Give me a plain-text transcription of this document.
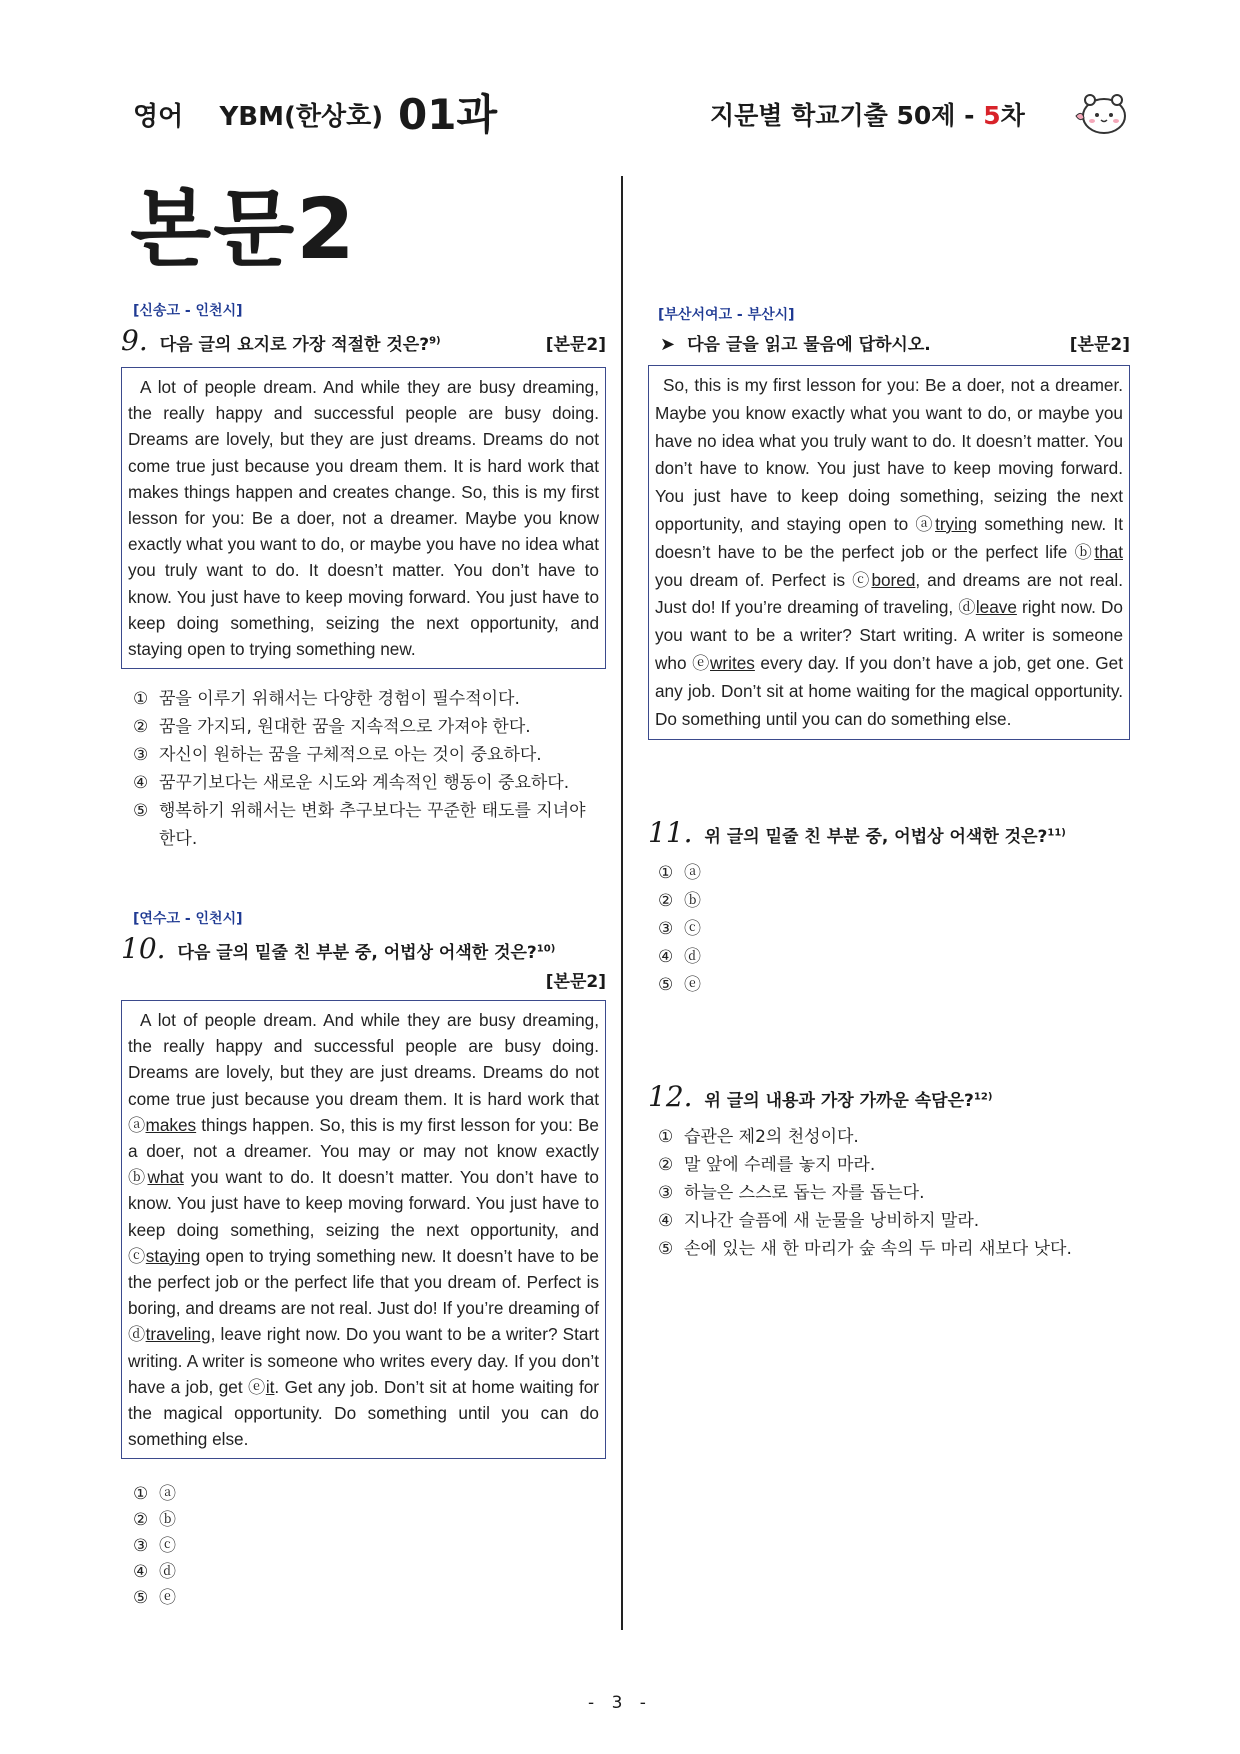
영어    YBM(한상호) 01과	지문별 학교기출 50제 - 5차
본문2
[신송고 - 인천시]
9. 다음 글의 요지로 가장 적절한 것은?$^{9)}$	[본문2]
A lot of people dream. And while they are busy dreaming, the really happy and successful people are busy doing. Dreams are lovely, but they are just dreams. Dreams do not come true just because you dream them. It is hard work that makes things happen and creates change. So, this is my first lesson for you: Be a doer, not a dreamer. Maybe you know exactly what you want to do, or maybe you have no idea what you truly want to do. It doesn’t matter. You don’t have to know. You just have to keep moving forward. You just have to keep doing something, seizing the next opportunity, and staying open to trying something new.
① 꿈을 이루기 위해서는 다양한 경험이 필수적이다.
② 꿈을 가지되, 원대한 꿈을 지속적으로 가져야 한다.
③ 자신이 원하는 꿈을 구체적으로 아는 것이 중요하다.
④ 꿈꾸기보다는 새로운 시도와 계속적인 행동이 중요하다.
⑤ 행복하기 위해서는 변화 추구보다는 꾸준한 태도를 지녀야 한다.
[연수고 - 인천시]
10. 다음 글의 밑줄 친 부분 중, 어법상 어색한 것은?$^{10)}$
[본문2]
A lot of people dream. And while they are busy dreaming, the really happy and successful people are busy doing. Dreams are lovely, but they are just dreams. Dreams do not come true just because you dream them. It is hard work that ⓐmakes things happen. So, this is my first lesson for you: Be a doer, not a dreamer. You may or may not know exactly ⓑwhat you want to do. It doesn’t matter. You don’t have to know. You just have to keep moving forward. You just have to keep doing something, seizing the next opportunity, and ⓒstaying open to trying something new. It doesn’t have to be the perfect job or the perfect life that you dream of. Perfect is boring, and dreams are not real. Just do! If you’re dreaming of ⓓtraveling, leave right now. Do you want to be a writer? Start writing. A writer is someone who writes every day. If you don’t have a job, get ⓔit. Get any job. Don’t sit at home waiting for the magical opportunity. Do something until you can do something else.
① ⓐ
② ⓑ
③ ⓒ
④ ⓓ
⑤ ⓔ
[부산서여고 - 부산시]
➤ 다음 글을 읽고 물음에 답하시오.	[본문2]
So, this is my first lesson for you: Be a doer, not a dreamer. Maybe you know exactly what you want to do, or maybe you have no idea what you truly want to do. It doesn’t matter. You don’t have to know. You just have to keep moving forward. You just have to keep doing something, seizing the next opportunity, and staying open to ⓐtrying something new. It doesn’t have to be the perfect job or the perfect life ⓑthat you dream of. Perfect is ⓒbored, and dreams are not real. Just do! If you’re dreaming of traveling, ⓓleave right now. Do you want to be a writer? Start writing. A writer is someone who ⓔwrites every day. If you don’t have a job, get one. Get any job. Don’t sit at home waiting for the magical opportunity. Do something until you can do something else.
11. 위 글의 밑줄 친 부분 중, 어법상 어색한 것은?$^{11)}$
① ⓐ
② ⓑ
③ ⓒ
④ ⓓ
⑤ ⓔ
12. 위 글의 내용과 가장 가까운 속담은?$^{12)}$
① 습관은 제2의 천성이다.
② 말 앞에 수레를 놓지 마라.
③ 하늘은 스스로 돕는 자를 돕는다.
④ 지나간 슬픔에 새 눈물을 낭비하지 말라.
⑤ 손에 있는 새 한 마리가 숲 속의 두 마리 새보다 낫다.
- 3 -
